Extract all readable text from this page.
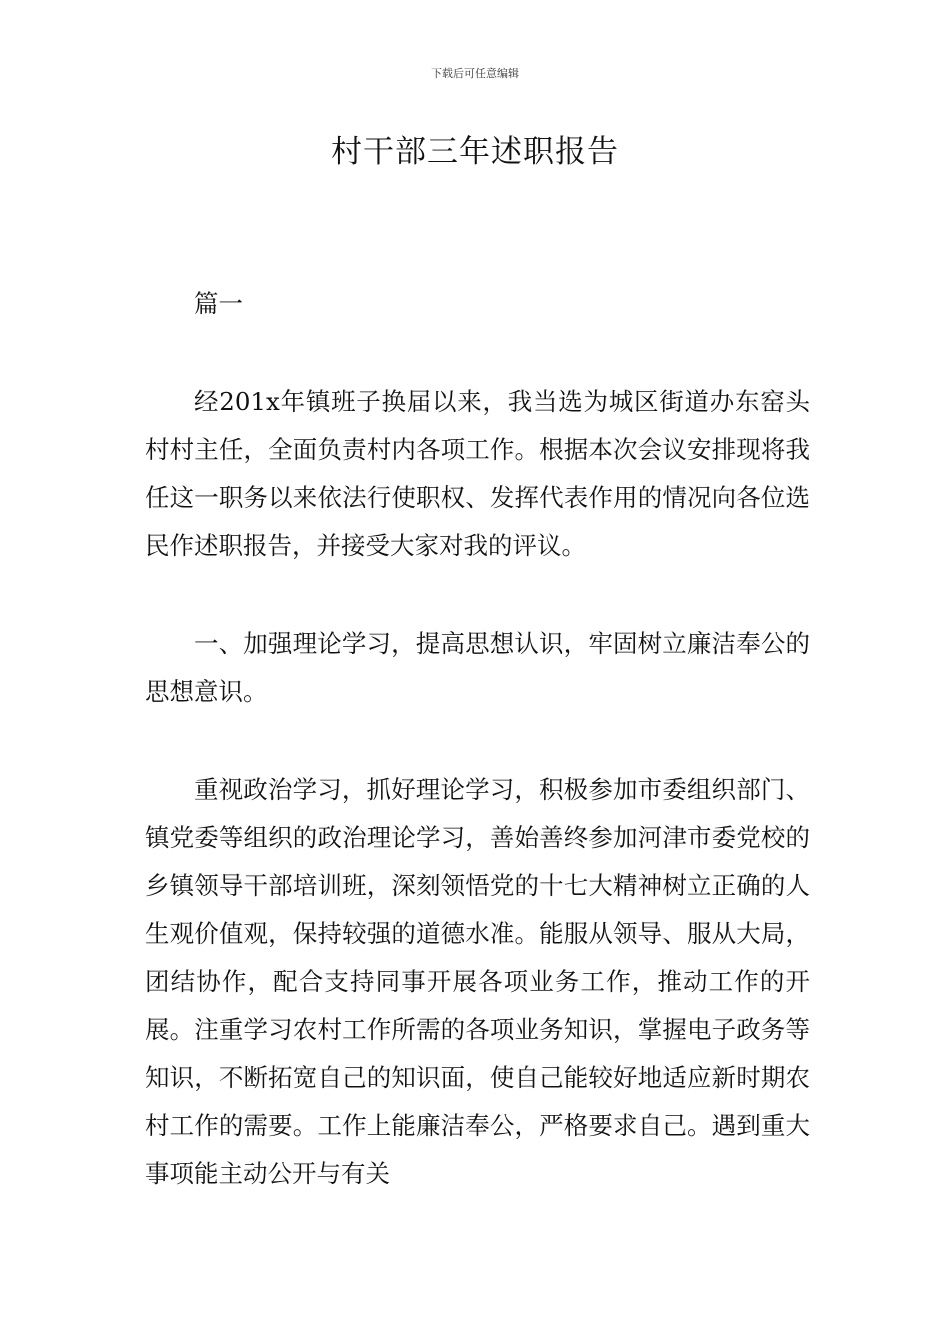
下载后可任意编辑
村干部三年述职报告

篇一

经201x年镇班子换届以来，我当选为城区街道办东窑头村村主任，全面负责村内各项工作。根据本次会议安排现将我任这一职务以来依法行使职权、发挥代表作用的情况向各位选民作述职报告，并接受大家对我的评议。

一、加强理论学习，提高思想认识，牢固树立廉洁奉公的思想意识。

重视政治学习，抓好理论学习，积极参加市委组织部门、镇党委等组织的政治理论学习，善始善终参加河津市委党校的乡镇领导干部培训班，深刻领悟党的十七大精神树立正确的人生观价值观，保持较强的道德水准。能服从领导、服从大局，团结协作，配合支持同事开展各项业务工作，推动工作的开展。注重学习农村工作所需的各项业务知识，掌握电子政务等知识，不断拓宽自己的知识面，使自己能较好地适应新时期农村工作的需要。工作上能廉洁奉公，严格要求自己。遇到重大事项能主动公开与有关
